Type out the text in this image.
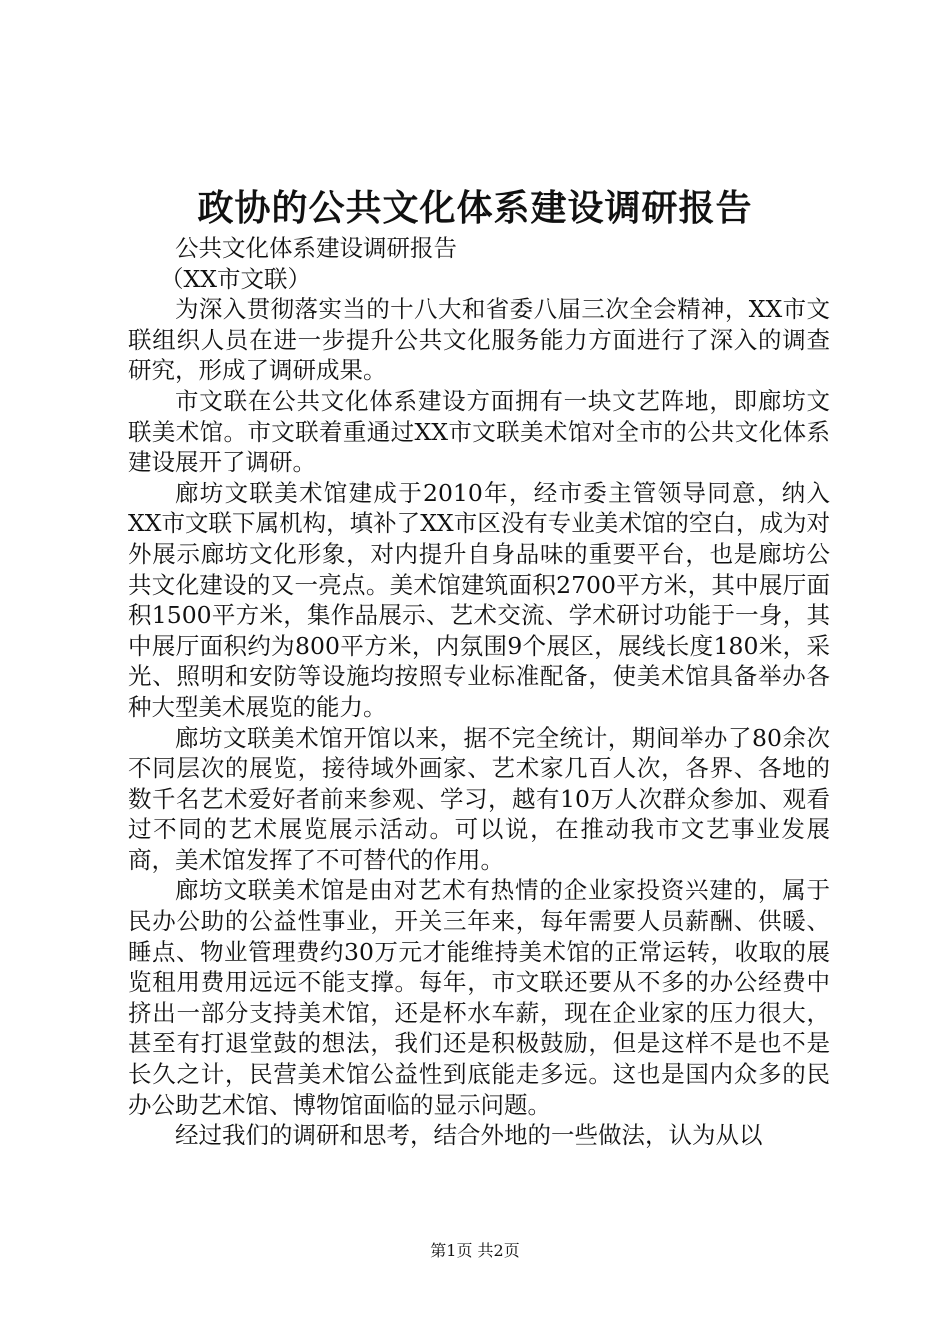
政协的公共文化体系建设调研报告

公共文化体系建设调研报告

（XX市文联）

为深入贯彻落实当的十八大和省委八届三次全会精神，XX市文联组织人员在进一步提升公共文化服务能力方面进行了深入的调查研究，形成了调研成果。

市文联在公共文化体系建设方面拥有一块文艺阵地，即廊坊文联美术馆。市文联着重通过XX市文联美术馆对全市的公共文化体系建设展开了调研。

廊坊文联美术馆建成于2010年，经市委主管领导同意，纳入XX市文联下属机构，填补了XX市区没有专业美术馆的空白，成为对外展示廊坊文化形象，对内提升自身品味的重要平台，也是廊坊公共文化建设的又一亮点。美术馆建筑面积2700平方米，其中展厅面积1500平方米，集作品展示、艺术交流、学术研讨功能于一身，其中展厅面积约为800平方米，内氛围9个展区，展线长度180米，采光、照明和安防等设施均按照专业标准配备，使美术馆具备举办各种大型美术展览的能力。

廊坊文联美术馆开馆以来，据不完全统计，期间举办了80余次不同层次的展览，接待域外画家、艺术家几百人次，各界、各地的数千名艺术爱好者前来参观、学习，越有10万人次群众参加、观看过不同的艺术展览展示活动。可以说，在推动我市文艺事业发展商，美术馆发挥了不可替代的作用。

廊坊文联美术馆是由对艺术有热情的企业家投资兴建的，属于民办公助的公益性事业，开关三年来，每年需要人员薪酬、供暖、睡点、物业管理费约30万元才能维持美术馆的正常运转，收取的展览租用费用远远不能支撑。每年，市文联还要从不多的办公经费中挤出一部分支持美术馆，还是杯水车薪，现在企业家的压力很大，甚至有打退堂鼓的想法，我们还是积极鼓励，但是这样不是也不是长久之计，民营美术馆公益性到底能走多远。这也是国内众多的民办公助艺术馆、博物馆面临的显示问题。

经过我们的调研和思考，结合外地的一些做法，认为从以

第1页 共2页
